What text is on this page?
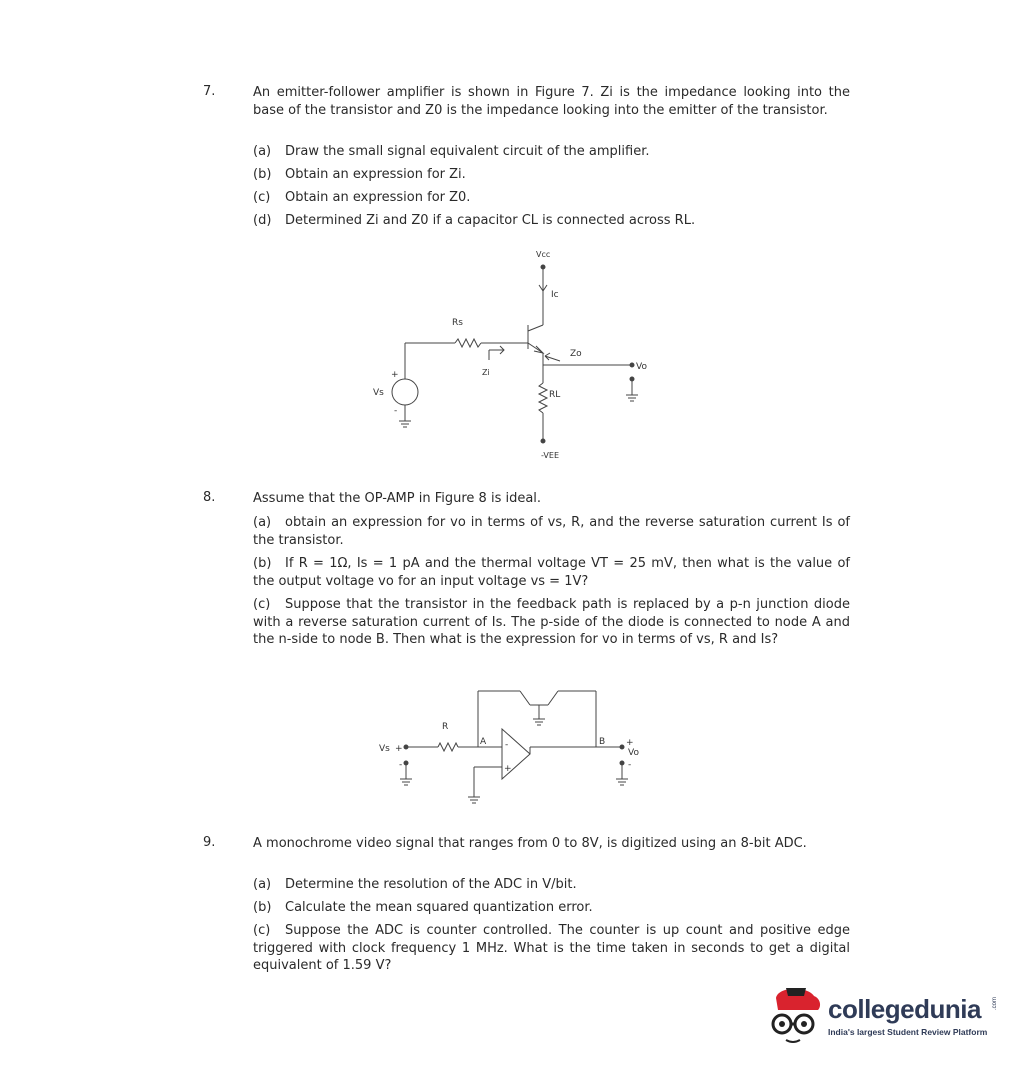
7.	An emitter-follower amplifier is shown in Figure 7. Zi is the impedance looking into the base of the transistor and Z0 is the impedance looking into the emitter of the transistor.
(a) Draw the small signal equivalent circuit of the amplifier.
(b) Obtain an expression for Zi.
(c) Obtain an expression for Z0.
(d) Determined Zi and Z0 if a capacitor CL is connected across RL.
Vcc
Ic
Rs
Zo
Vo
Zi
Vs
+
-
RL
-VEE
8.	Assume that the OP-AMP in Figure 8 is ideal.
(a) obtain an expression for vo in terms of vs, R, and the reverse saturation current Is of the transistor.
(b) If R = 1Ω, Is = 1 pA and the thermal voltage VT = 25 mV, then what is the value of the output voltage vo for an input voltage vs = 1V?
(c) Suppose that the transistor in the feedback path is replaced by a p-n junction diode with a reverse saturation current of Is. The p-side of the diode is connected to node A and the n-side to node B. Then what is the expression for vo in terms of vs, R and Is?
R
Vs +
-
A	B
-
+
+
Vo
-
9.	A monochrome video signal that ranges from 0 to 8V, is digitized using an 8-bit ADC.
(a) Determine the resolution of the ADC in V/bit.
(b) Calculate the mean squared quantization error.
(c) Suppose the ADC is counter controlled. The counter is up count and positive edge triggered with clock frequency 1 MHz. What is the time taken in seconds to get a digital equivalent of 1.59 V?
collegedunia .com
India's largest Student Review Platform
